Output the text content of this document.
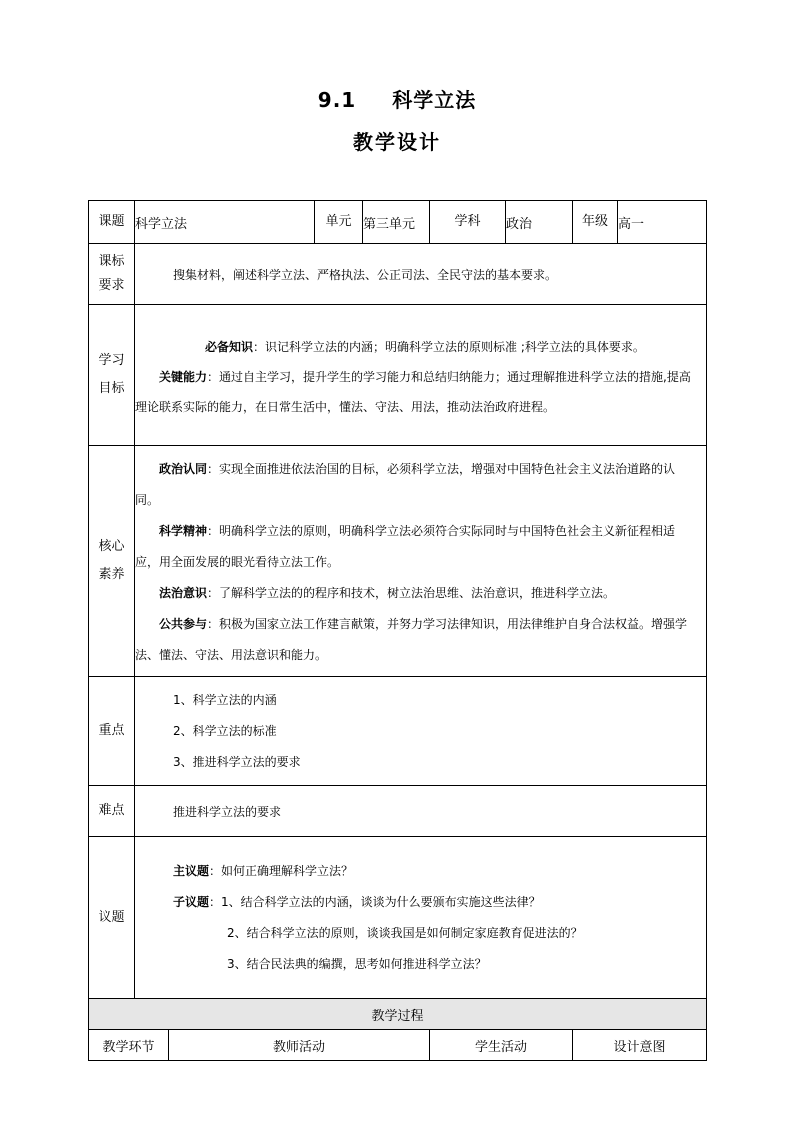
9.1 科学立法
教学设计
课题	科学立法		单元	第三单元	学科	政治	年级	高一

课标要求	搜集材料，阐述科学立法、严格执法、公正司法、全民守法的基本要求。							

学习目标	必备知识：识记科学立法的内涵；明确科学立法的原则标准 ;科学立法的具体要求。
关键能力：通过自主学习，提升学生的学习能力和总结归纳能力；通过理解推进科学立法的措施,提高理论联系实际的能力，在日常生活中，懂法、守法、用法，推动法治政府进程。							

核心素养	政治认同：实现全面推进依法治国的目标，必须科学立法，增强对中国特色社会主义法治道路的认同。
科学精神：明确科学立法的原则，明确科学立法必须符合实际同时与中国特色社会主义新征程相适应，用全面发展的眼光看待立法工作。
法治意识：了解科学立法的的程序和技术，树立法治思维、法治意识，推进科学立法。
公共参与：积极为国家立法工作建言献策，并努力学习法律知识，用法律维护自身合法权益。增强学法、懂法、守法、用法意识和能力。							

重点	1、科学立法的内涵
2、科学立法的标准
3、推进科学立法的要求							

难点	推进科学立法的要求							
议题	主议题：如何正确理解科学立法？
子议题：1、结合科学立法的内涵，谈谈为什么要颁布实施这些法律？
2、结合科学立法的原则，谈谈我国是如何制定家庭教育促进法的？
3、结合民法典的编撰，思考如何推进科学立法？							

教学过程								
教学环节		教师活动			学生活动		设计意图	
